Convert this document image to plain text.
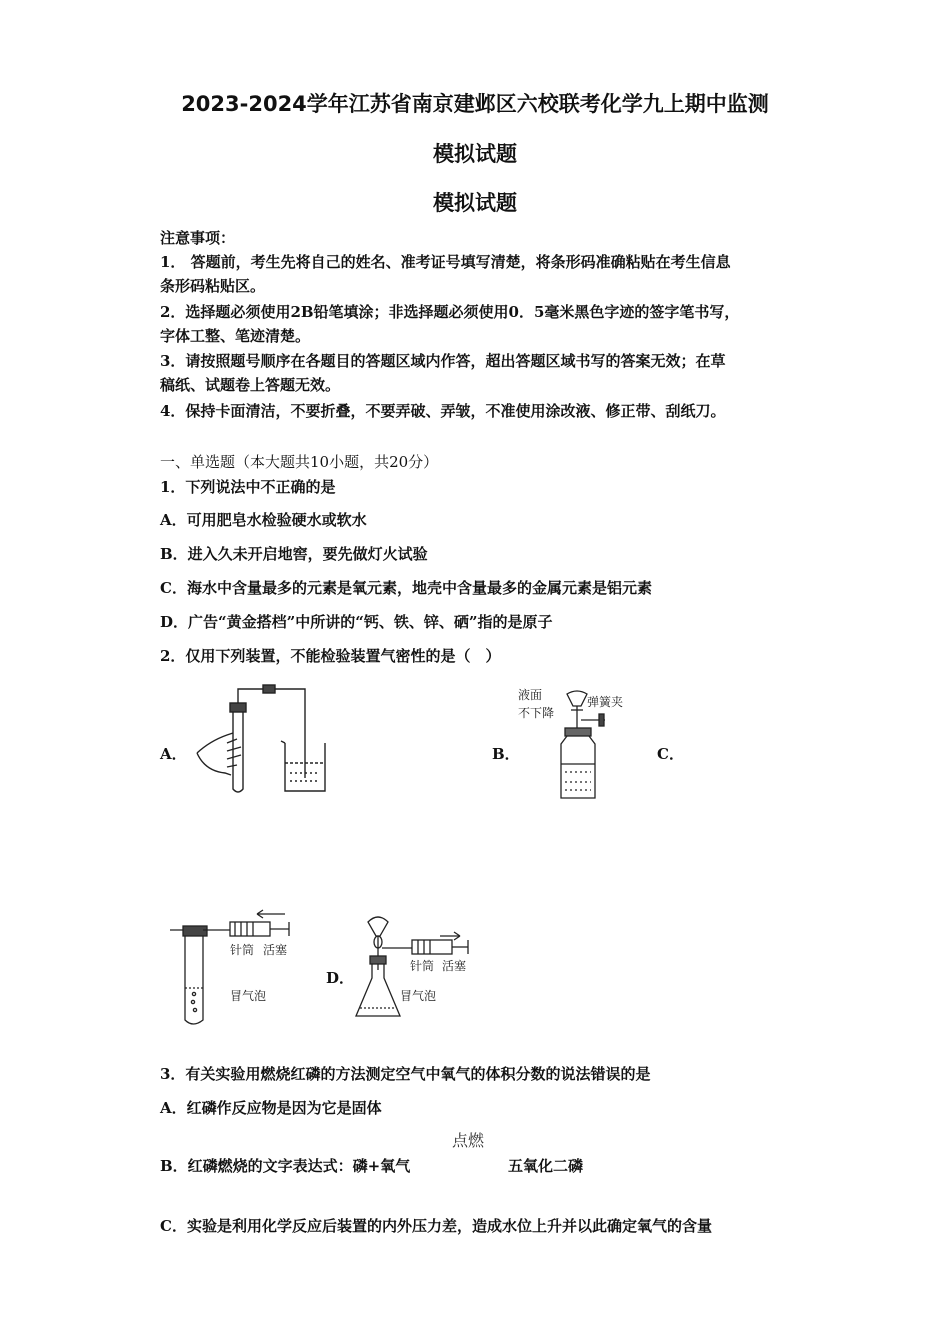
2023-2024学年江苏省南京建邺区六校联考化学九上期中监测
模拟试题
模拟试题
注意事项：
1． 答题前，考生先将自己的姓名、准考证号填写清楚，将条形码准确粘贴在考生信息
条形码粘贴区。
2．选择题必须使用2B铅笔填涂；非选择题必须使用0．5毫米黑色字迹的签字笔书写，
字体工整、笔迹清楚。
3．请按照题号顺序在各题目的答题区域内作答，超出答题区域书写的答案无效；在草
稿纸、试题卷上答题无效。
4．保持卡面清洁，不要折叠，不要弄破、弄皱，不准使用涂改液、修正带、刮纸刀。
一、单选题（本大题共10小题，共20分）
1．下列说法中不正确的是
A．可用肥皂水检验硬水或软水
B．进入久未开启地窖，要先做灯火试验
C．海水中含量最多的元素是氧元素，地壳中含量最多的金属元素是铝元素
D．广告“黄金搭档”中所讲的“钙、铁、锌、硒”指的是原子
2．仅用下列装置，不能检验装置气密性的是（　）
A．	B．	C．
D．
液面
不下降
弹簧夹
针筒 活塞
冒气泡
针筒 活塞
冒气泡
3．有关实验用燃烧红磷的方法测定空气中氧气的体积分数的说法错误的是
A．红磷作反应物是因为它是固体
点燃
B．红磷燃烧的文字表达式：磷+氧气	五氧化二磷
C．实验是利用化学反应后装置的内外压力差，造成水位上升并以此确定氧气的含量
